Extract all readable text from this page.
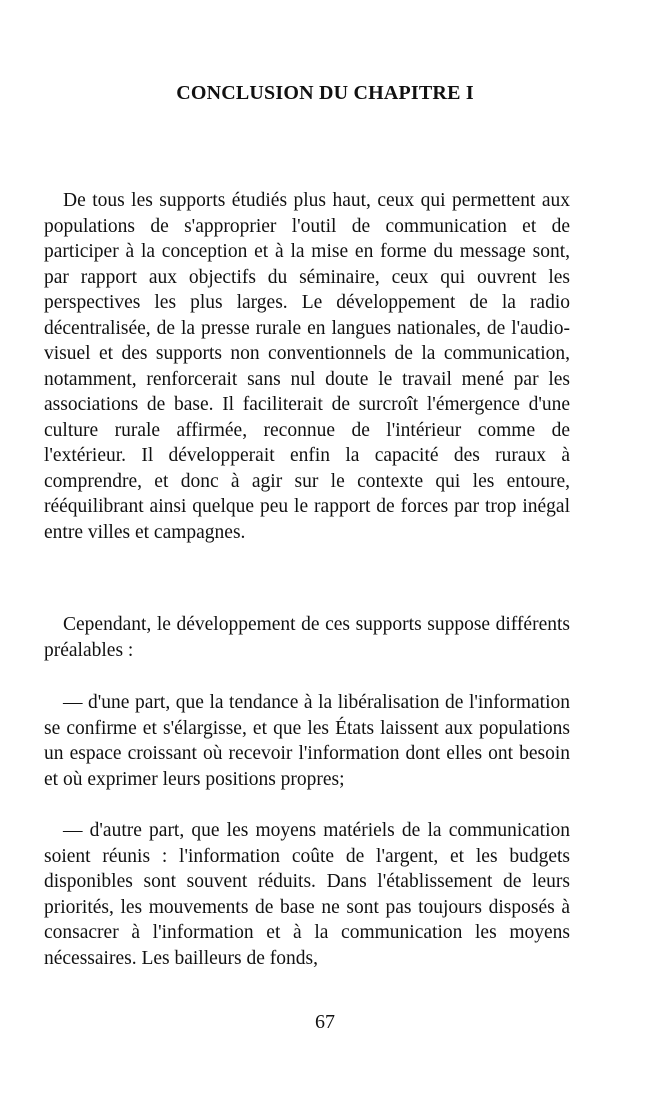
CONCLUSION DU CHAPITRE I

De tous les supports étudiés plus haut, ceux qui permettent aux populations de s'approprier l'outil de communication et de participer à la conception et à la mise en forme du message sont, par rapport aux objectifs du séminaire, ceux qui ouvrent les perspectives les plus larges. Le développement de la radio décentralisée, de la presse rurale en langues nationales, de l'audio-visuel et des supports non conventionnels de la communication, notamment, renforcerait sans nul doute le travail mené par les associations de base. Il faciliterait de surcroît l'émergence d'une culture rurale affirmée, reconnue de l'intérieur comme de l'extérieur. Il développerait enfin la capacité des ruraux à comprendre, et donc à agir sur le contexte qui les entoure, rééquilibrant ainsi quelque peu le rapport de forces par trop inégal entre villes et campagnes.

Cependant, le développement de ces supports suppose différents préalables :

— d'une part, que la tendance à la libéralisation de l'information se confirme et s'élargisse, et que les États laissent aux populations un espace croissant où recevoir l'information dont elles ont besoin et où exprimer leurs positions propres;

— d'autre part, que les moyens matériels de la communication soient réunis : l'information coûte de l'argent, et les budgets disponibles sont souvent réduits. Dans l'établissement de leurs priorités, les mouvements de base ne sont pas toujours disposés à consacrer à l'information et à la communication les moyens nécessaires. Les bailleurs de fonds,

67
